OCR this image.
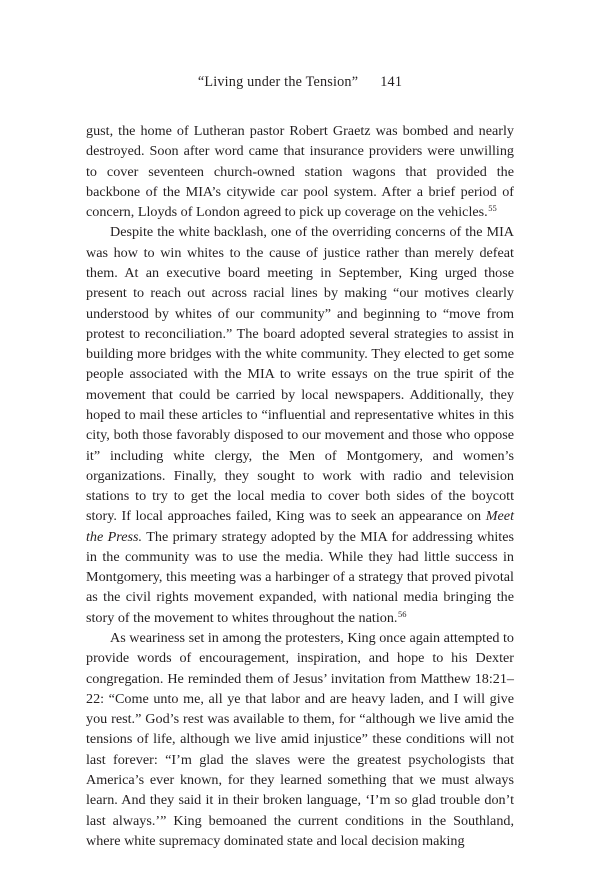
“Living under the Tension” 141

gust, the home of Lutheran pastor Robert Graetz was bombed and nearly destroyed. Soon after word came that insurance providers were unwilling to cover seventeen church-owned station wagons that provided the backbone of the MIA’s citywide car pool system. After a brief period of concern, Lloyds of London agreed to pick up coverage on the vehicles.$^{55}$

Despite the white backlash, one of the overriding concerns of the MIA was how to win whites to the cause of justice rather than merely defeat them. At an executive board meeting in September, King urged those present to reach out across racial lines by making “our motives clearly understood by whites of our community” and beginning to “move from protest to reconciliation.” The board adopted several strategies to assist in building more bridges with the white community. They elected to get some people associated with the MIA to write essays on the true spirit of the movement that could be carried by local newspapers. Additionally, they hoped to mail these articles to “influential and representative whites in this city, both those favorably disposed to our movement and those who oppose it” including white clergy, the Men of Montgomery, and women’s organizations. Finally, they sought to work with radio and television stations to try to get the local media to cover both sides of the boycott story. If local approaches failed, King was to seek an appearance on Meet the Press. The primary strategy adopted by the MIA for addressing whites in the community was to use the media. While they had little success in Montgomery, this meeting was a harbinger of a strategy that proved pivotal as the civil rights movement expanded, with national media bringing the story of the movement to whites throughout the nation.$^{56}$

As weariness set in among the protesters, King once again attempted to provide words of encouragement, inspiration, and hope to his Dexter congregation. He reminded them of Jesus’ invitation from Matthew 18:21–22: “Come unto me, all ye that labor and are heavy laden, and I will give you rest.” God’s rest was available to them, for “although we live amid the tensions of life, although we live amid injustice” these conditions will not last forever: “I’m glad the slaves were the greatest psychologists that America’s ever known, for they learned something that we must always learn. And they said it in their broken language, ‘I’m so glad trouble don’t last always.’” King bemoaned the current conditions in the Southland, where white supremacy dominated state and local decision making
